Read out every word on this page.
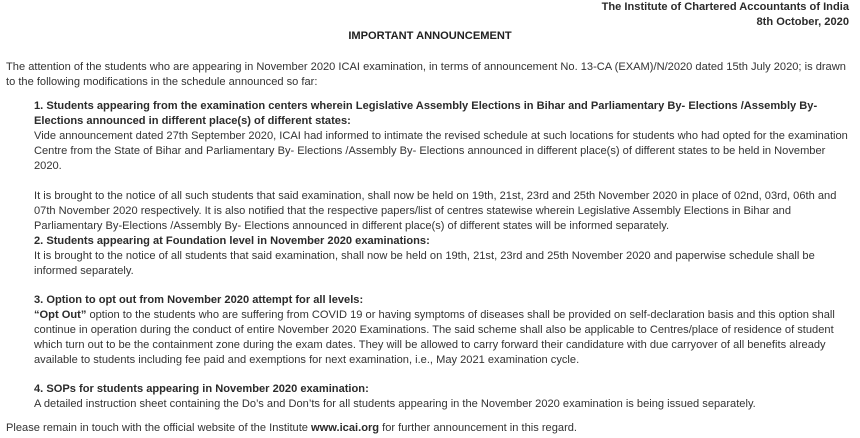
The Institute of Chartered Accountants of India
8th October, 2020
IMPORTANT ANNOUNCEMENT

The attention of the students who are appearing in November 2020 ICAI examination, in terms of announcement No. 13-CA (EXAM)/N/2020 dated 15th July 2020; is drawn to the following modifications in the schedule announced so far:

1. Students appearing from the examination centers wherein Legislative Assembly Elections in Bihar and Parliamentary By- Elections /Assembly By- Elections announced in different place(s) of different states:

Vide announcement dated 27th September 2020, ICAI had informed to intimate the revised schedule at such locations for students who had opted for the examination Centre from the State of Bihar and Parliamentary By- Elections /Assembly By- Elections announced in different place(s) of different states to be held in November 2020.

It is brought to the notice of all such students that said examination, shall now be held on 19th, 21st, 23rd and 25th November 2020 in place of 02nd, 03rd, 06th and 07th November 2020 respectively. It is also notified that the respective papers/list of centres statewise wherein Legislative Assembly Elections in Bihar and Parliamentary By-Elections /Assembly By- Elections announced in different place(s) of different states will be informed separately.

2. Students appearing at Foundation level in November 2020 examinations:

It is brought to the notice of all students that said examination, shall now be held on 19th, 21st, 23rd and 25th November 2020 and paperwise schedule shall be informed separately.

3. Option to opt out from November 2020 attempt for all levels:

“Opt Out” option to the students who are suffering from COVID 19 or having symptoms of diseases shall be provided on self-declaration basis and this option shall continue in operation during the conduct of entire November 2020 Examinations. The said scheme shall also be applicable to Centres/place of residence of student which turn out to be the containment zone during the exam dates. They will be allowed to carry forward their candidature with due carryover of all benefits already available to students including fee paid and exemptions for next examination, i.e., May 2021 examination cycle.

4. SOPs for students appearing in November 2020 examination:

A detailed instruction sheet containing the Do’s and Don’ts for all students appearing in the November 2020 examination is being issued separately.

Please remain in touch with the official website of the Institute www.icai.org for further announcement in this regard.
